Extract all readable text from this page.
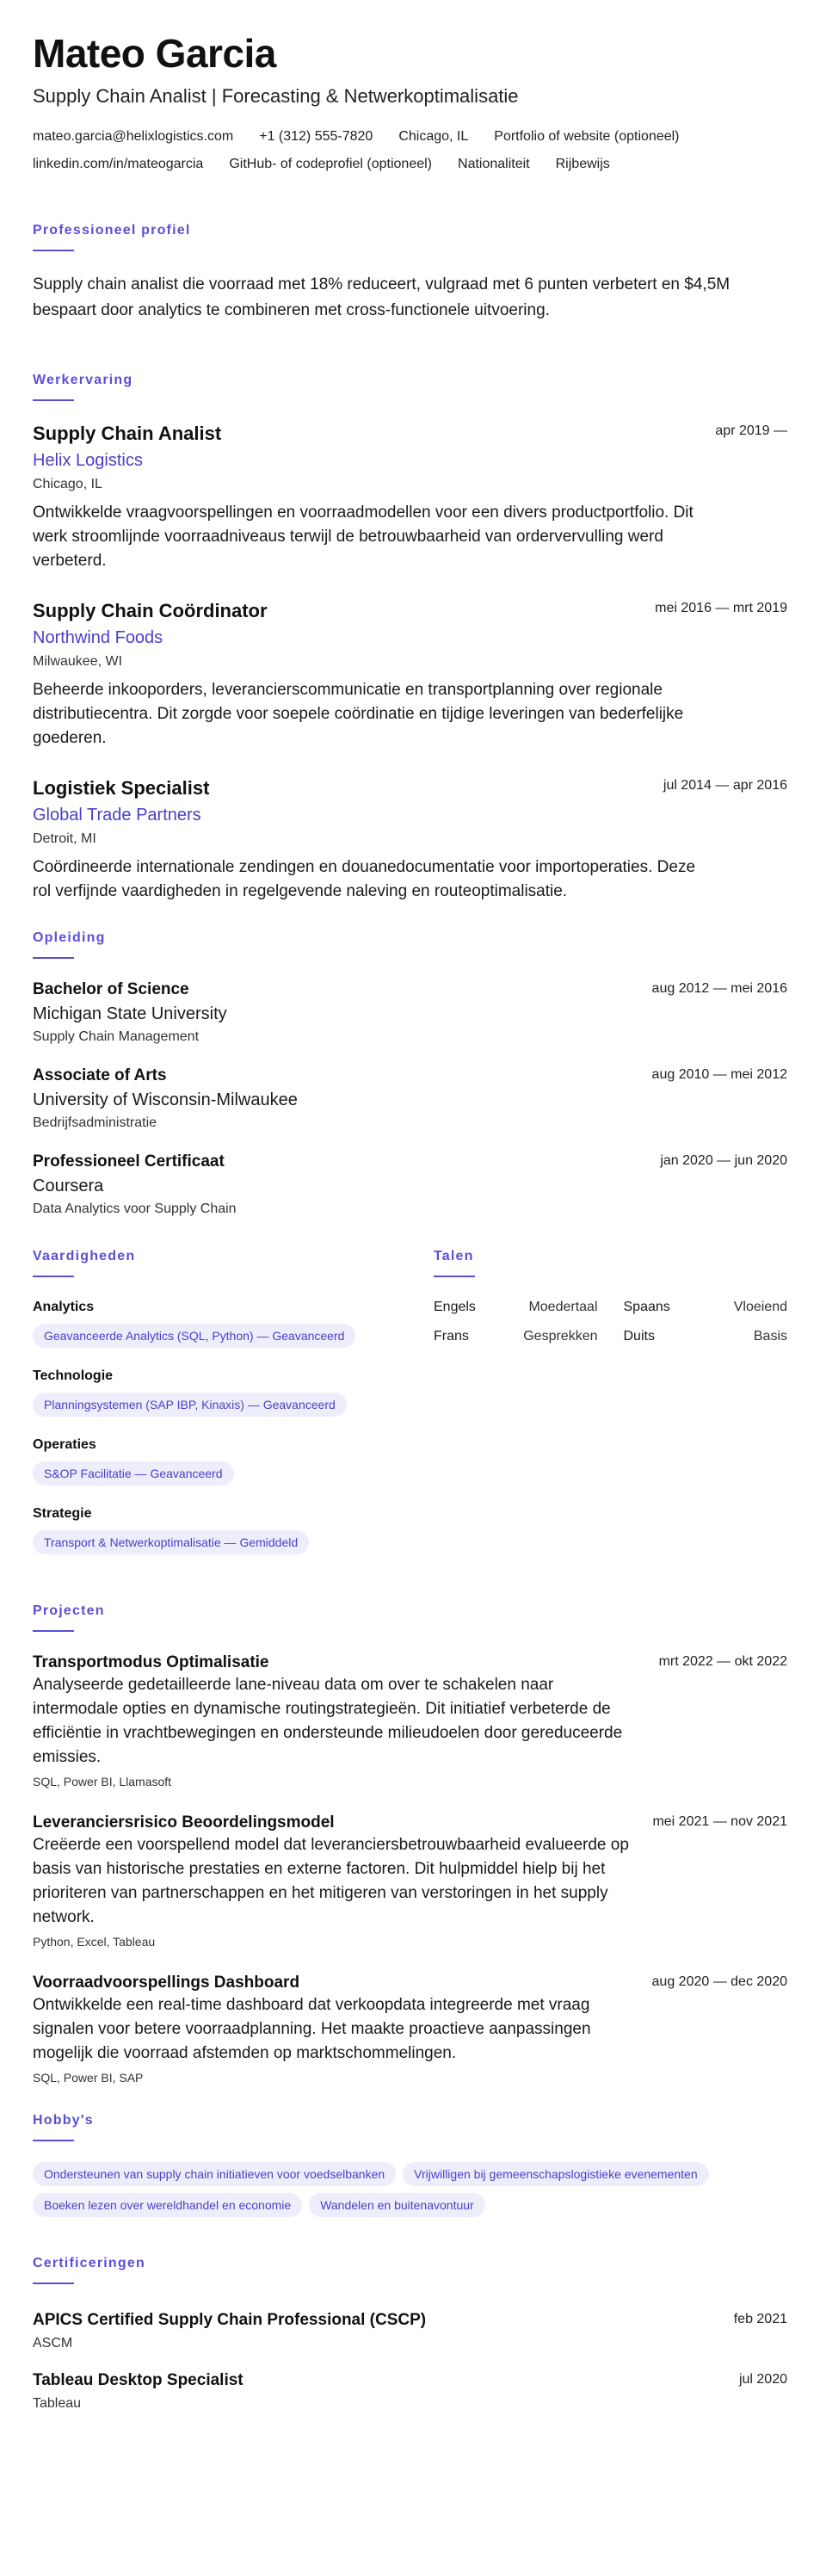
Mateo Garcia
Supply Chain Analist | Forecasting & Netwerkoptimalisatie
mateo.garcia@helixlogistics.com +1 (312) 555-7820 Chicago, IL Portfolio of website (optioneel)
linkedin.com/in/mateogarcia GitHub- of codeprofiel (optioneel) Nationaliteit Rijbewijs
Professioneel profiel

Supply chain analist die voorraad met 18% reduceert, vulgraad met 6 punten verbetert en $4,5M bespaart door analytics te combineren met cross-functionele uitvoering.

Werkervaring
Supply Chain Analist	apr 2019 —
Helix Logistics
Chicago, IL

Ontwikkelde vraagvoorspellingen en voorraadmodellen voor een divers productportfolio. Dit werk stroomlijnde voorraadniveaus terwijl de betrouwbaarheid van ordervervulling werd verbeterd.

Supply Chain Coördinator	mei 2016 — mrt 2019
Northwind Foods
Milwaukee, WI

Beheerde inkooporders, leverancierscommunicatie en transportplanning over regionale distributiecentra. Dit zorgde voor soepele coördinatie en tijdige leveringen van bederfelijke goederen.

Logistiek Specialist	jul 2014 — apr 2016
Global Trade Partners
Detroit, MI

Coördineerde internationale zendingen en douanedocumentatie voor importoperaties. Deze rol verfijnde vaardigheden in regelgevende naleving en routeoptimalisatie.

Opleiding
Bachelor of Science	aug 2012 — mei 2016
Michigan State University
Supply Chain Management
Associate of Arts	aug 2010 — mei 2012
University of Wisconsin-Milwaukee
Bedrijfsadministratie
Professioneel Certificaat	jan 2020 — jun 2020
Coursera
Data Analytics voor Supply Chain
Vaardigheden
Analytics
Geavanceerde Analytics (SQL, Python) — Geavanceerd
Technologie
Planningsystemen (SAP IBP, Kinaxis) — Geavanceerd
Operaties
S&OP Facilitatie — Geavanceerd
Strategie
Transport & Netwerkoptimalisatie — Gemiddeld
Talen
Engels	Moedertaal Spaans	Vloeiend
Frans	Gesprekken Duits	Basis
Projecten
Transportmodus Optimalisatie	mrt 2022 — okt 2022

Analyseerde gedetailleerde lane-niveau data om over te schakelen naar intermodale opties en dynamische routingstrategieën. Dit initiatief verbeterde de efficiëntie in vrachtbewegingen en ondersteunde milieudoelen door gereduceerde emissies.

SQL, Power BI, Llamasoft
Leveranciersrisico Beoordelingsmodel	mei 2021 — nov 2021

Creëerde een voorspellend model dat leveranciersbetrouwbaarheid evalueerde op basis van historische prestaties en externe factoren. Dit hulpmiddel hielp bij het prioriteren van partnerschappen en het mitigeren van verstoringen in het supply network.

Python, Excel, Tableau
Voorraadvoorspellings Dashboard	aug 2020 — dec 2020

Ontwikkelde een real-time dashboard dat verkoopdata integreerde met vraag signalen voor betere voorraadplanning. Het maakte proactieve aanpassingen mogelijk die voorraad afstemden op marktschommelingen.

SQL, Power BI, SAP
Hobby's
Ondersteunen van supply chain initiatieven voor voedselbanken	Vrijwilligen bij gemeenschapslogistieke evenementen
Boeken lezen over wereldhandel en economie	Wandelen en buitenavontuur
Certificeringen
APICS Certified Supply Chain Professional (CSCP)	feb 2021
ASCM
Tableau Desktop Specialist	jul 2020
Tableau
